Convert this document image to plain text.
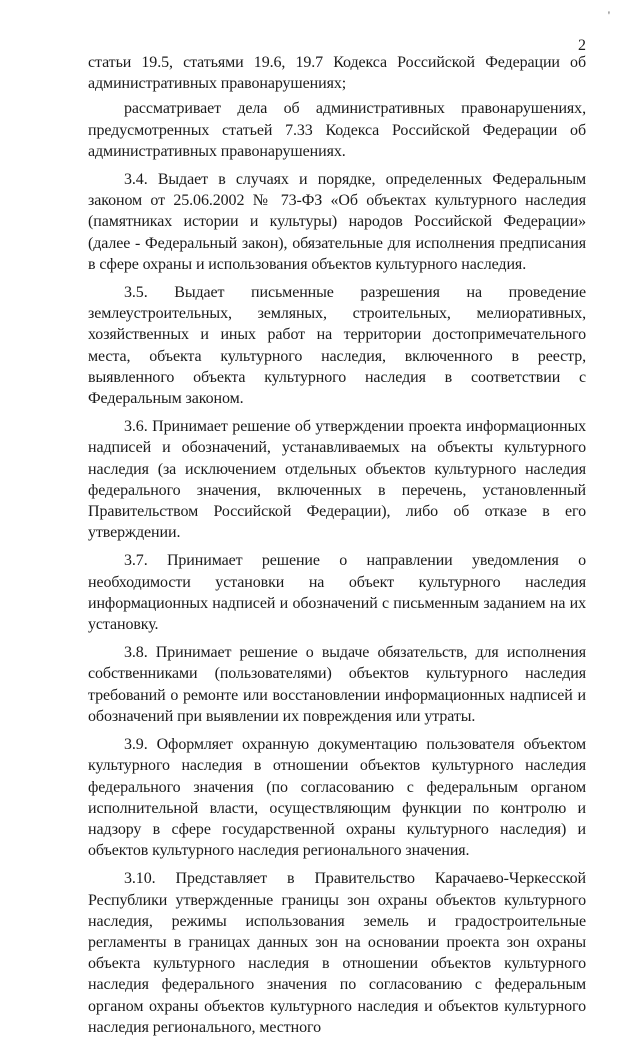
'
2

статьи 19.5, статьями 19.6, 19.7 Кодекса Российской Федерации об административных правонарушениях;

рассматривает дела об административных правонарушениях, предусмотренных статьей 7.33 Кодекса Российской Федерации об административных правонарушениях.

3.4. Выдает в случаях и порядке, определенных Федеральным законом от 25.06.2002 № 73-ФЗ «Об объектах культурного наследия (памятниках истории и культуры) народов Российской Федерации» (далее - Федеральный закон), обязательные для исполнения предписания в сфере охраны и использования объектов культурного наследия.

3.5. Выдает письменные разрешения на проведение землеустроительных, земляных, строительных, мелиоративных, хозяйственных и иных работ на территории достопримечательного места, объекта культурного наследия, включенного в реестр, выявленного объекта культурного наследия в соответствии с Федеральным законом.

3.6. Принимает решение об утверждении проекта информационных надписей и обозначений, устанавливаемых на объекты культурного наследия (за исключением отдельных объектов культурного наследия федерального значения, включенных в перечень, установленный Правительством Российской Федерации), либо об отказе в его утверждении.

3.7. Принимает решение о направлении уведомления о необходимости установки на объект культурного наследия информационных надписей и обозначений с письменным заданием на их установку.

3.8. Принимает решение о выдаче обязательств, для исполнения собственниками (пользователями) объектов культурного наследия требований о ремонте или восстановлении информационных надписей и обозначений при выявлении их повреждения или утраты.

3.9. Оформляет охранную документацию пользователя объектом культурного наследия в отношении объектов культурного наследия федерального значения (по согласованию с федеральным органом исполнительной власти, осуществляющим функции по контролю и надзору в сфере государственной охраны культурного наследия) и объектов культурного наследия регионального значения.

3.10. Представляет в Правительство Карачаево-Черкесской Республики утвержденные границы зон охраны объектов культурного наследия, режимы использования земель и градостроительные регламенты в границах данных зон на основании проекта зон охраны объекта культурного наследия в отношении объектов культурного наследия федерального значения по согласованию с федеральным органом охраны объектов культурного наследия и объектов культурного наследия регионального, местного
